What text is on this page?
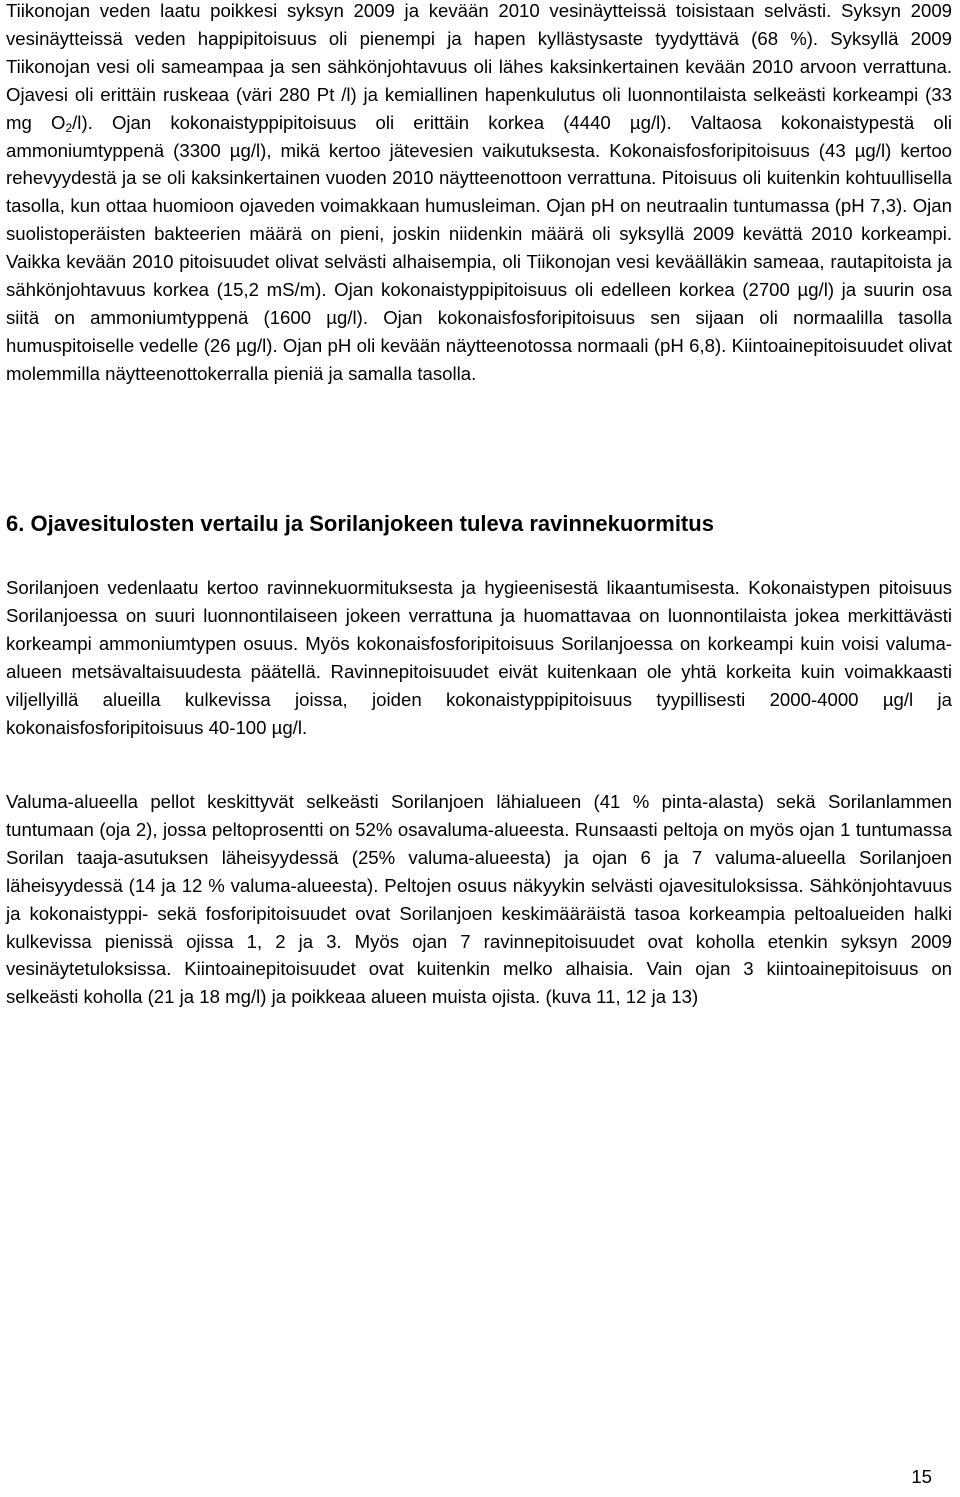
Tiikonojan veden laatu poikkesi syksyn 2009 ja kevään 2010 vesinäytteissä toisistaan selvästi. Syksyn 2009 vesinäytteissä veden happipitoisuus oli pienempi ja hapen kyllästysaste tyydyttävä (68 %). Syksyllä 2009 Tiikonojan vesi oli sameampaa ja sen sähkönjohtavuus oli lähes kaksinkertainen kevään 2010 arvoon verrattuna. Ojavesi oli erittäin ruskeaa (väri 280 Pt /l) ja kemiallinen hapenkulutus oli luonnontilaista selkeästi korkeampi (33 mg $O_2/l$). Ojan kokonaistyppipitoisuus oli erittäin korkea (4440 µg/l). Valtaosa kokonaistypestä oli ammoniumtyppenä (3300 µg/l), mikä kertoo jätevesien vaikutuksesta. Kokonaisfosforipitoisuus (43 µg/l) kertoo rehevyydestä ja se oli kaksinkertainen vuoden 2010 näytteenottoon verrattuna. Pitoisuus oli kuitenkin kohtuullisella tasolla, kun ottaa huomioon ojaveden voimakkaan humusleiman. Ojan pH on neutraalin tuntumassa (pH 7,3). Ojan suolistoperäisten bakteerien määrä on pieni, joskin niidenkin määrä oli syksyllä 2009 kevättä 2010 korkeampi. Vaikka kevään 2010 pitoisuudet olivat selvästi alhaisempia, oli Tiikonojan vesi keväälläkin sameaa, rautapitoista ja sähkönjohtavuus korkea (15,2 mS/m). Ojan kokonaistyppipitoisuus oli edelleen korkea (2700 µg/l) ja suurin osa siitä on ammoniumtyppenä (1600 µg/l). Ojan kokonaisfosforipitoisuus sen sijaan oli normaalilla tasolla humuspitoiselle vedelle (26 µg/l). Ojan pH oli kevään näytteenotossa normaali (pH 6,8). Kiintoainepitoisuudet olivat molemmilla näytteenottokerralla pieniä ja samalla tasolla.

6. Ojavesitulosten vertailu ja Sorilanjokeen tuleva ravinnekuormitus

Sorilanjoen vedenlaatu kertoo ravinnekuormituksesta ja hygieenisestä likaantumisesta. Kokonaistypen pitoisuus Sorilanjoessa on suuri luonnontilaiseen jokeen verrattuna ja huomattavaa on luonnontilaista jokea merkittävästi korkeampi ammoniumtypen osuus. Myös kokonaisfosforipitoisuus Sorilanjoessa on korkeampi kuin voisi valuma-alueen metsävaltaisuudesta päätellä. Ravinnepitoisuudet eivät kuitenkaan ole yhtä korkeita kuin voimakkaasti viljellyillä alueilla kulkevissa joissa, joiden kokonaistyppipitoisuus tyypillisesti 2000-4000 µg/l ja kokonaisfosforipitoisuus 40-100 µg/l.

Valuma-alueella pellot keskittyvät selkeästi Sorilanjoen lähialueen (41 % pinta-alasta) sekä Sorilanlammen tuntumaan (oja 2), jossa peltoprosentti on 52% osavaluma-alueesta. Runsaasti peltoja on myös ojan 1 tuntumassa Sorilan taaja-asutuksen läheisyydessä (25% valuma-alueesta) ja ojan 6 ja 7 valuma-alueella Sorilanjoen läheisyydessä (14 ja 12 % valuma-alueesta). Peltojen osuus näkyykin selvästi ojavesituloksissa. Sähkönjohtavuus ja kokonaistyppi- sekä fosforipitoisuudet ovat Sorilanjoen keskimääräistä tasoa korkeampia peltoalueiden halki kulkevissa pienissä ojissa 1, 2 ja 3. Myös ojan 7 ravinnepitoisuudet ovat koholla etenkin syksyn 2009 vesinäytetuloksissa. Kiintoainepitoisuudet ovat kuitenkin melko alhaisia. Vain ojan 3 kiintoainepitoisuus on selkeästi koholla (21 ja 18 mg/l) ja poikkeaa alueen muista ojista. (kuva 11, 12 ja 13)

15
